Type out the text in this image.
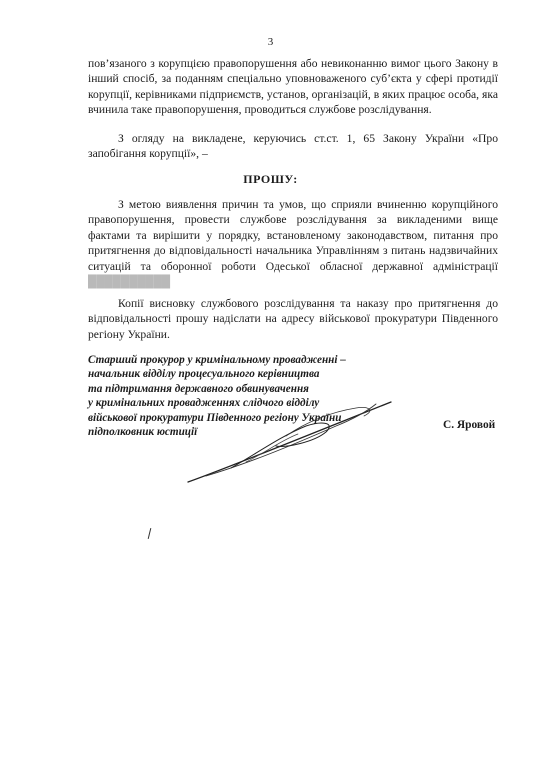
3

пов’язаного з корупцією правопорушення або невиконанню вимог цього Закону в інший спосіб, за поданням спеціально уповноваженого суб’єкта у сфері протидії корупції, керівниками підприємств, установ, організацій, в яких працює особа, яка вчинила таке правопорушення, проводиться службове розслідування.

З огляду на викладене, керуючись ст.ст. 1, 65 Закону України «Про запобігання корупції», –

ПРОШУ:

З метою виявлення причин та умов, що сприяли вчиненню корупційного правопорушення, провести службове розслідування за викладеними вище фактами та вирішити у порядку, встановленому законодавством, питання про притягнення до відповідальності начальника Управлінням з питань надзвичайних ситуацій та оборонної роботи Одеської обласної державної адміністрації ██████████

Копії висновку службового розслідування та наказу про притягнення до відповідальності прошу надіслати на адресу військової прокуратури Південного регіону України.

Старший прокурор у кримінальному провадженні –
начальник відділу процесуального керівництва
та підтримання державного обвинувачення
у кримінальних провадженнях слідчого відділу
військової прокуратури Південного регіону України
підполковник юстиції
С. Яровой
